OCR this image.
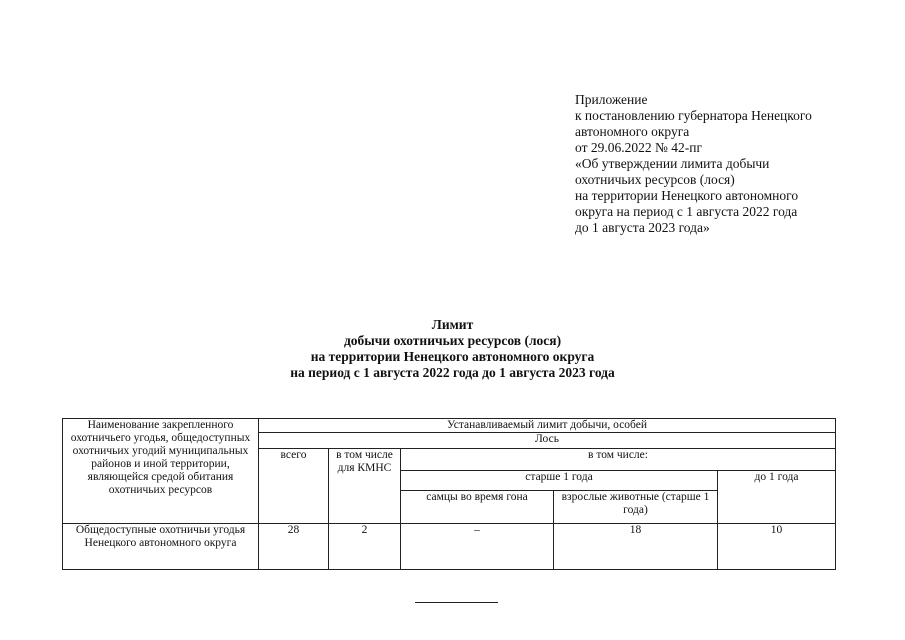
Приложение
к постановлению губернатора Ненецкого
автономного округа
от 29.06.2022 № 42-пг
«Об утверждении лимита добычи
охотничьих ресурсов (лося)
на территории Ненецкого автономного
округа на период с 1 августа 2022 года
до 1 августа 2023 года»
Лимит
добычи охотничьих ресурсов (лося)
на территории Ненецкого автономного округа
на период с 1 августа 2022 года до 1 августа 2023 года
Наименование закрепленного охотничьего угодья, общедоступных охотничьих угодий муниципальных районов и иной территории, являющейся средой обитания охотничьих ресурсов	Устанавливаемый лимит добычи, особей				
	Лось				
	всего	в том числе для КМНС	в том числе:		
			старше 1 года		до 1 года
			самцы во время гона	взрослые животные (старше 1 года)	
Общедоступные охотничьи угодья Ненецкого автономного округа	28	2	–	18	10
